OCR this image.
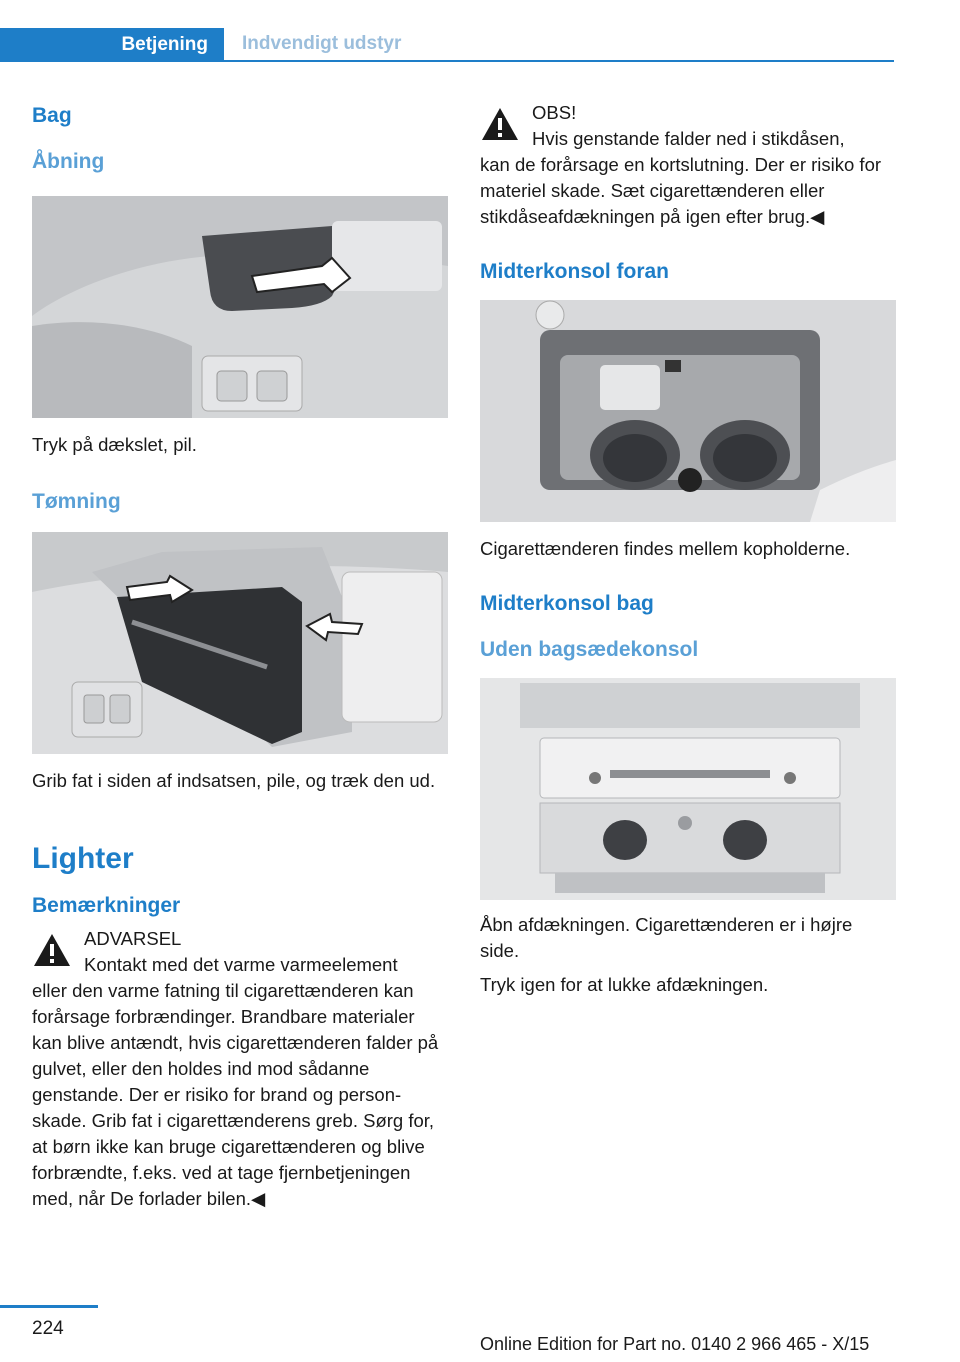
Betjening	Indvendigt udstyr
Bag
Åbning

Tryk på dækslet, pil.

Tømning

Grib fat i siden af indsatsen, pile, og træk den ud.

Lighter
Bemærkninger
ADVARSEL
Kontakt med det varme varmeelement

eller den varme fatning til cigarettænderen kan forårsage forbrændinger. Brandbare materialer kan blive antændt, hvis cigarettænderen falder på gulvet, eller den holdes ind mod sådanne genstande. Der er risiko for brand og personskade. Grib fat i cigarettænderens greb. Sørg for, at børn ikke kan bruge cigarettænderen og blive forbrændte, f.eks. ved at tage fjernbetjeningen med, når De forlader bilen.◀

OBS!
Hvis genstande falder ned i stikdåsen,

kan de forårsage en kortslutning. Der er risiko for materiel skade. Sæt cigarettænderen eller stikdåseafdækningen på igen efter brug.◀

Midterkonsol foran

Cigarettænderen findes mellem kopholderne.

Midterkonsol bag
Uden bagsædekonsol

Åbn afdækningen. Cigarettænderen er i højre side.

Tryk igen for at lukke afdækningen.

224
Online Edition for Part no. 0140 2 966 465 - X/15
